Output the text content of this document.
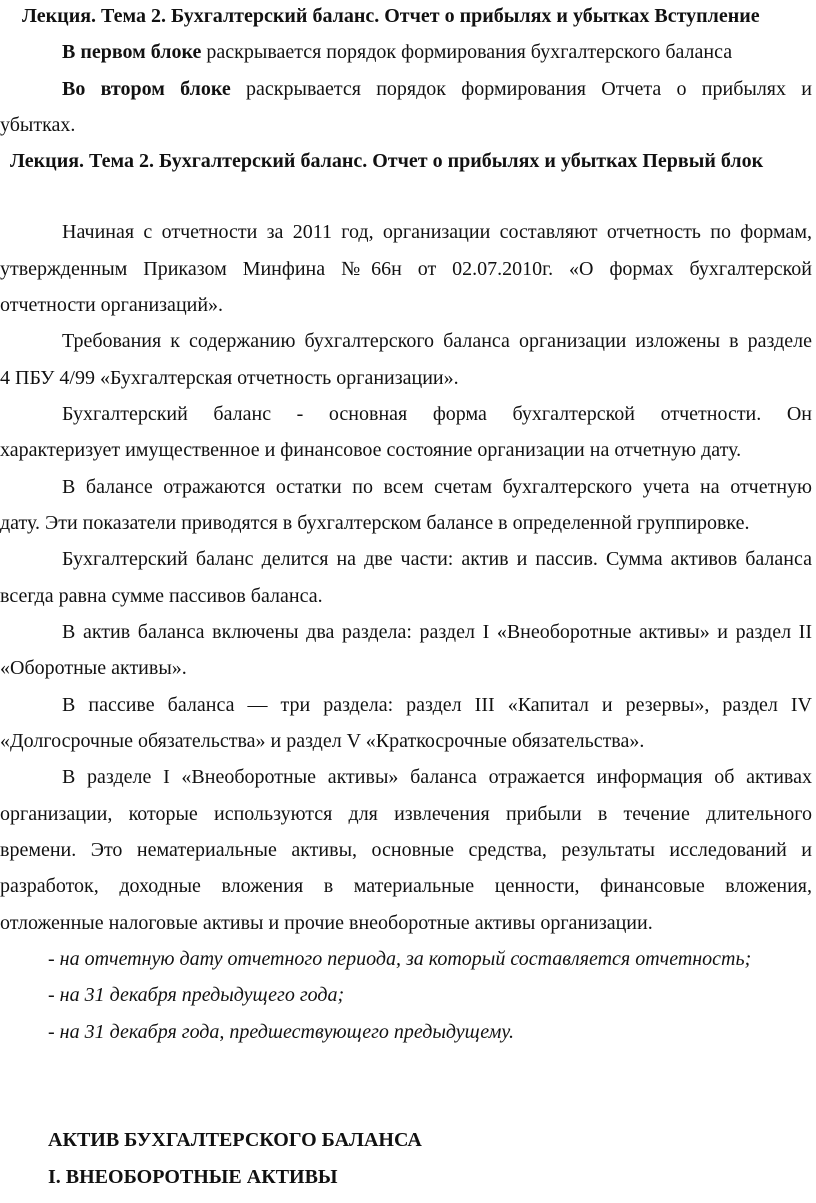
Лекция. Тема 2. Бухгалтерский баланс. Отчет о прибылях и убытках Вступление
В первом блоке раскрывается порядок формирования бухгалтерского баланса
Во втором блоке раскрывается порядок формирования Отчета о прибылях и
убытках.
Лекция. Тема 2. Бухгалтерский баланс. Отчет о прибылях и убытках Первый блок
Начиная с отчетности за 2011 год, организации составляют отчетность по формам,
утвержденным Приказом Минфина №66н от 02.07.2010г. «О формах бухгалтерской
отчетности организаций».
Требования к содержанию бухгалтерского баланса организации изложены в разделе
4 ПБУ 4/99 «Бухгалтерская отчетность организации».
Бухгалтерский баланс - основная форма бухгалтерской отчетности. Он
характеризует имущественное и финансовое состояние организации на отчетную дату.
В балансе отражаются остатки по всем счетам бухгалтерского учета на отчетную
дату. Эти показатели приводятся в бухгалтерском балансе в определенной группировке.
Бухгалтерский баланс делится на две части: актив и пассив. Сумма активов баланса
всегда равна сумме пассивов баланса.
В актив баланса включены два раздела: раздел I «Внеоборотные активы» и раздел II
«Оборотные активы».
В пассиве баланса — три раздела: раздел III «Капитал и резервы», раздел IV
«Долгосрочные обязательства» и раздел V «Краткосрочные обязательства».
В разделе I «Внеоборотные активы» баланса отражается информация об активах
организации, которые используются для извлечения прибыли в течение длительного
времени. Это нематериальные активы, основные средства, результаты исследований и
разработок, доходные вложения в материальные ценности, финансовые вложения,
отложенные налоговые активы и прочие внеоборотные активы организации.
- на отчетную дату отчетного периода, за который составляется отчетность;
- на 31 декабря предыдущего года;
- на 31 декабря года, предшествующего предыдущему.
АКТИВ БУХГАЛТЕРСКОГО БАЛАНСА
I. ВНЕОБОРОТНЫЕ АКТИВЫ
